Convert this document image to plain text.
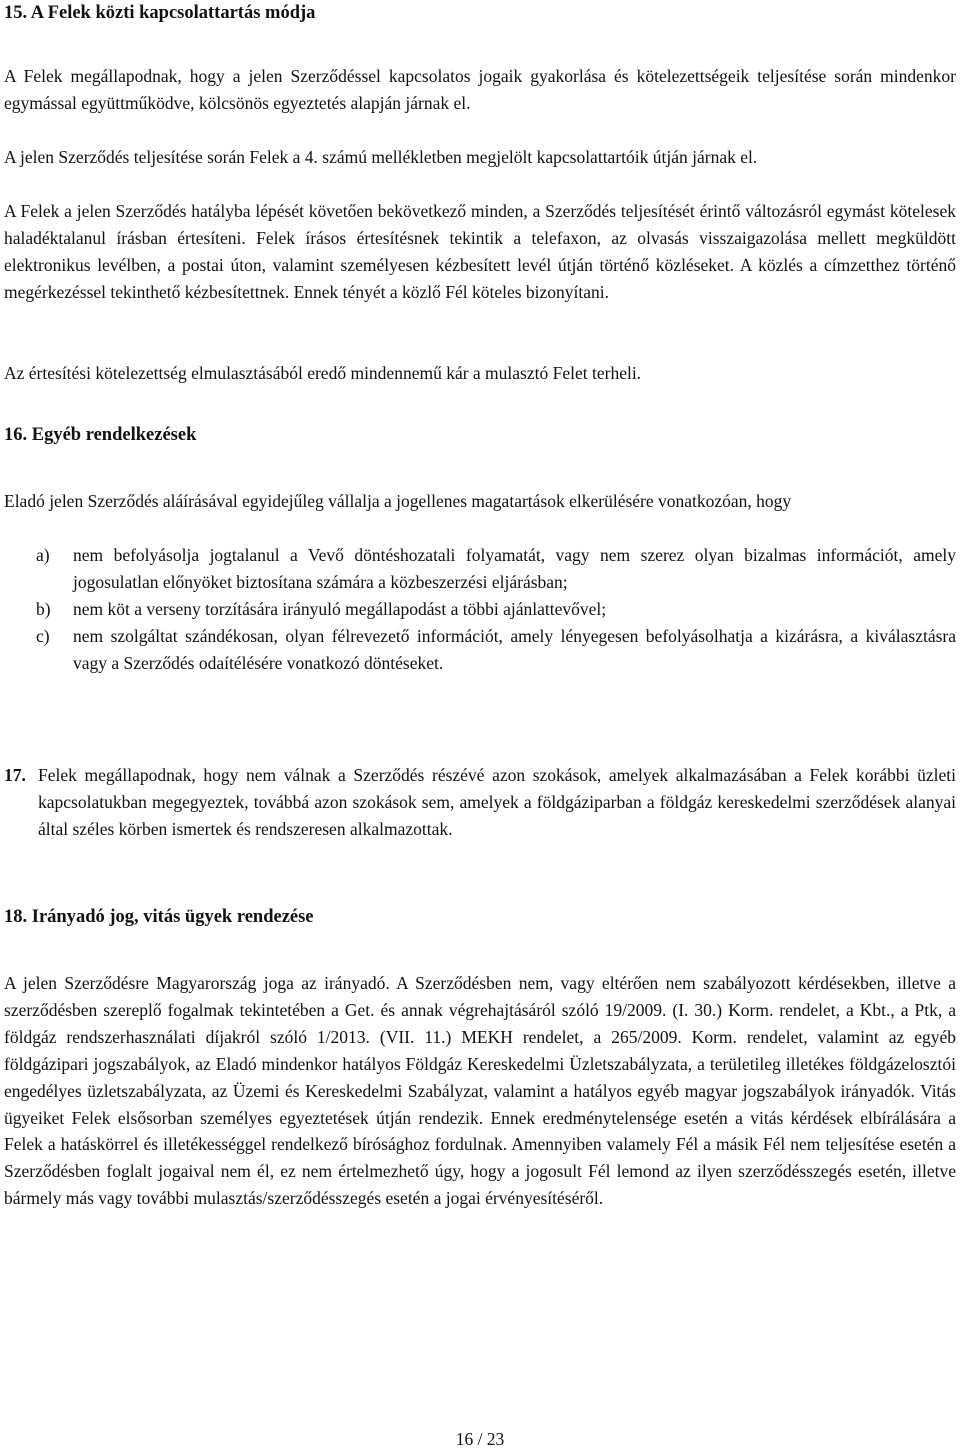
15. A Felek közti kapcsolattartás módja

A Felek megállapodnak, hogy a jelen Szerződéssel kapcsolatos jogaik gyakorlása és kötelezettségeik teljesítése során mindenkor egymással együttműködve, kölcsönös egyeztetés alapján járnak el.

A jelen Szerződés teljesítése során Felek a 4. számú mellékletben megjelölt kapcsolattartóik útján járnak el.

A Felek a jelen Szerződés hatályba lépését követően bekövetkező minden, a Szerződés teljesítését érintő változásról egymást kötelesek haladéktalanul írásban értesíteni. Felek írásos értesítésnek tekintik a telefaxon, az olvasás visszaigazolása mellett megküldött elektronikus levélben, a postai úton, valamint személyesen kézbesített levél útján történő közléseket. A közlés a címzetthez történő megérkezéssel tekinthető kézbesítettnek. Ennek tényét a közlő Fél köteles bizonyítani.

Az értesítési kötelezettség elmulasztásából eredő mindennemű kár a mulasztó Felet terheli.

16. Egyéb rendelkezések

Eladó jelen Szerződés aláírásával egyidejűleg vállalja a jogellenes magatartások elkerülésére vonatkozóan, hogy

a) nem befolyásolja jogtalanul a Vevő döntéshozatali folyamatát, vagy nem szerez olyan bizalmas információt, amely jogosulatlan előnyöket biztosítana számára a közbeszerzési eljárásban;
b) nem köt a verseny torzítására irányuló megállapodást a többi ajánlattevővel;
c) nem szolgáltat szándékosan, olyan félrevezető információt, amely lényegesen befolyásolhatja a kizárásra, a kiválasztásra vagy a Szerződés odaítélésére vonatkozó döntéseket.
17. Felek megállapodnak, hogy nem válnak a Szerződés részévé azon szokások, amelyek alkalmazásában a Felek korábbi üzleti kapcsolatukban megegyeztek, továbbá azon szokások sem, amelyek a földgáziparban a földgáz kereskedelmi szerződések alanyai által széles körben ismertek és rendszeresen alkalmazottak.
18. Irányadó jog, vitás ügyek rendezése

A jelen Szerződésre Magyarország joga az irányadó. A Szerződésben nem, vagy eltérően nem szabályozott kérdésekben, illetve a szerződésben szereplő fogalmak tekintetében a Get. és annak végrehajtásáról szóló 19/2009. (I. 30.) Korm. rendelet, a Kbt., a Ptk, a földgáz rendszerhasználati díjakról szóló 1/2013. (VII. 11.) MEKH rendelet, a 265/2009. Korm. rendelet, valamint az egyéb földgázipari jogszabályok, az Eladó mindenkor hatályos Földgáz Kereskedelmi Üzletszabályzata, a területileg illetékes földgázelosztói engedélyes üzletszabályzata, az Üzemi és Kereskedelmi Szabályzat, valamint a hatályos egyéb magyar jogszabályok irányadók. Vitás ügyeiket Felek elsősorban személyes egyeztetések útján rendezik. Ennek eredménytelensége esetén a vitás kérdések elbírálására a Felek a hatáskörrel és illetékességgel rendelkező bírósághoz fordulnak. Amennyiben valamely Fél a másik Fél nem teljesítése esetén a Szerződésben foglalt jogaival nem él, ez nem értelmezhető úgy, hogy a jogosult Fél lemond az ilyen szerződésszegés esetén, illetve bármely más vagy további mulasztás/szerződésszegés esetén a jogai érvényesítéséről.

16 / 23
